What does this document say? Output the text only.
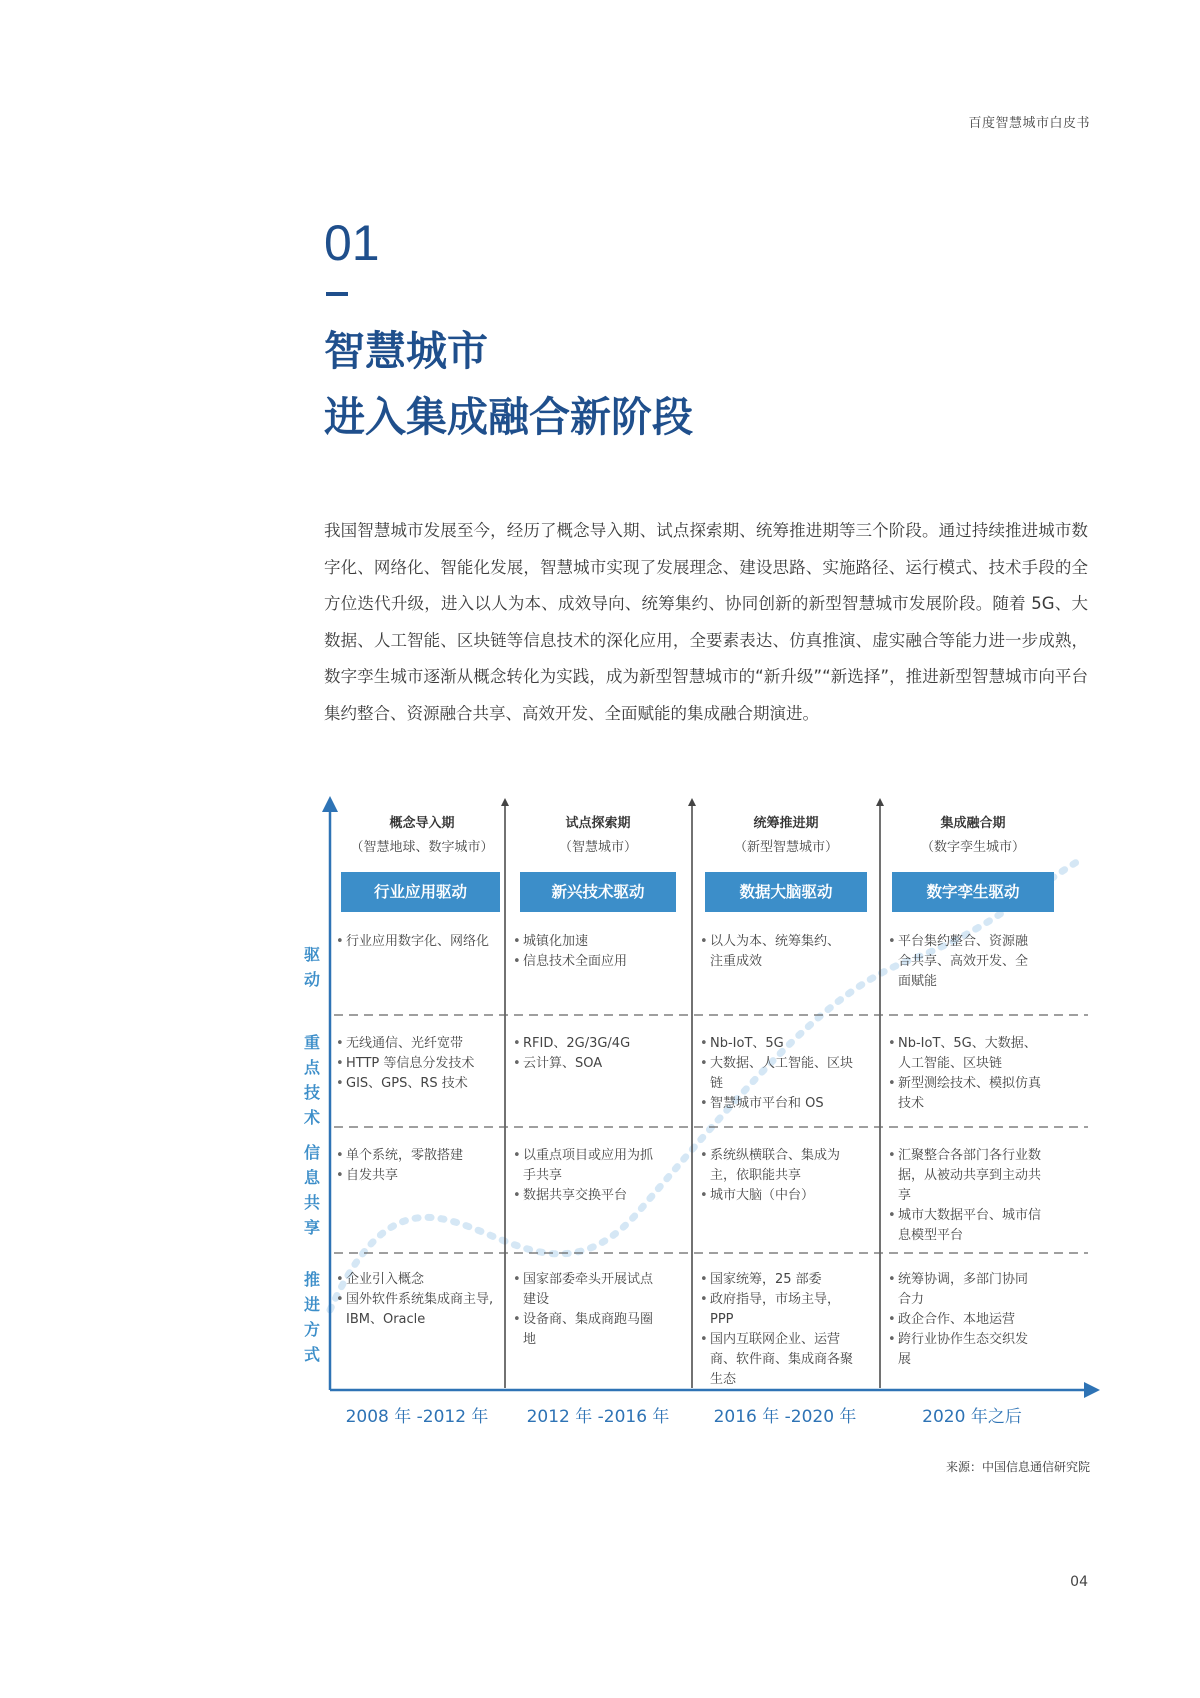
百度智慧城市白皮书
01
智慧城市
进入集成融合新阶段
我国智慧城市发展至今，经历了概念导入期、试点探索期、统筹推进期等三个阶段。通过持续推进城市数字化、网络化、智能化发展，智慧城市实现了发展理念、建设思路、实施路径、运行模式、技术手段的全方位迭代升级，进入以人为本、成效导向、统筹集约、协同创新的新型智慧城市发展阶段。随着 5G、大数据、人工智能、区块链等信息技术的深化应用，全要素表达、仿真推演、虚实融合等能力进一步成熟，数字孪生城市逐渐从概念转化为实践，成为新型智慧城市的“新升级”“新选择”，推进新型智慧城市向平台集约整合、资源融合共享、高效开发、全面赋能的集成融合期演进。
概念导入期
（智慧地球、数字城市）
试点探索期
（智慧城市）
统筹推进期
（新型智慧城市）
集成融合期
（数字孪生城市）
行业应用驱动	新兴技术驱动	数据大脑驱动	数字孪生驱动
驱
动
重
点
技
术
信
息
共
享
推
进
方
式
• 行业应用数字化、网络化
•	城镇化加速
• 信息技术全面应用
• 以人为本、统筹集约、注重成效
• 平台集约整合、资源融合共享、高效开发、全面赋能
• 无线通信、光纤宽带
• HTTP 等信息分发技术
• GIS、GPS、RS 技术
• RFID、2G/3G/4G
• 云计算、SOA
• Nb-IoT、5G
• 大数据、人工智能、区块链
• 智慧城市平台和 OS
• Nb-IoT、5G、大数据、人工智能、区块链
• 新型测绘技术、模拟仿真技术
• 单个系统，零散搭建
• 自发共享
• 以重点项目或应用为抓手共享
• 数据共享交换平台
• 系统纵横联合、集成为主，依职能共享
• 城市大脑（中台）
• 汇聚整合各部门各行业数据，从被动共享到主动共享
• 城市大数据平台、城市信息模型平台
• 企业引入概念
• 国外软件系统集成商主导, IBM、Oracle
• 国家部委牵头开展试点建设
• 设备商、集成商跑马圈地
• 国家统筹，25 部委
• 政府指导，市场主导，PPP
• 国内互联网企业、运营商、软件商、集成商各聚生态
• 统筹协调，多部门协同合力
• 政企合作、本地运营
• 跨行业协作生态交织发展
2008 年 -2012 年	2012 年 -2016 年	2016 年 -2020 年	2020 年之后
来源：中国信息通信研究院
04
